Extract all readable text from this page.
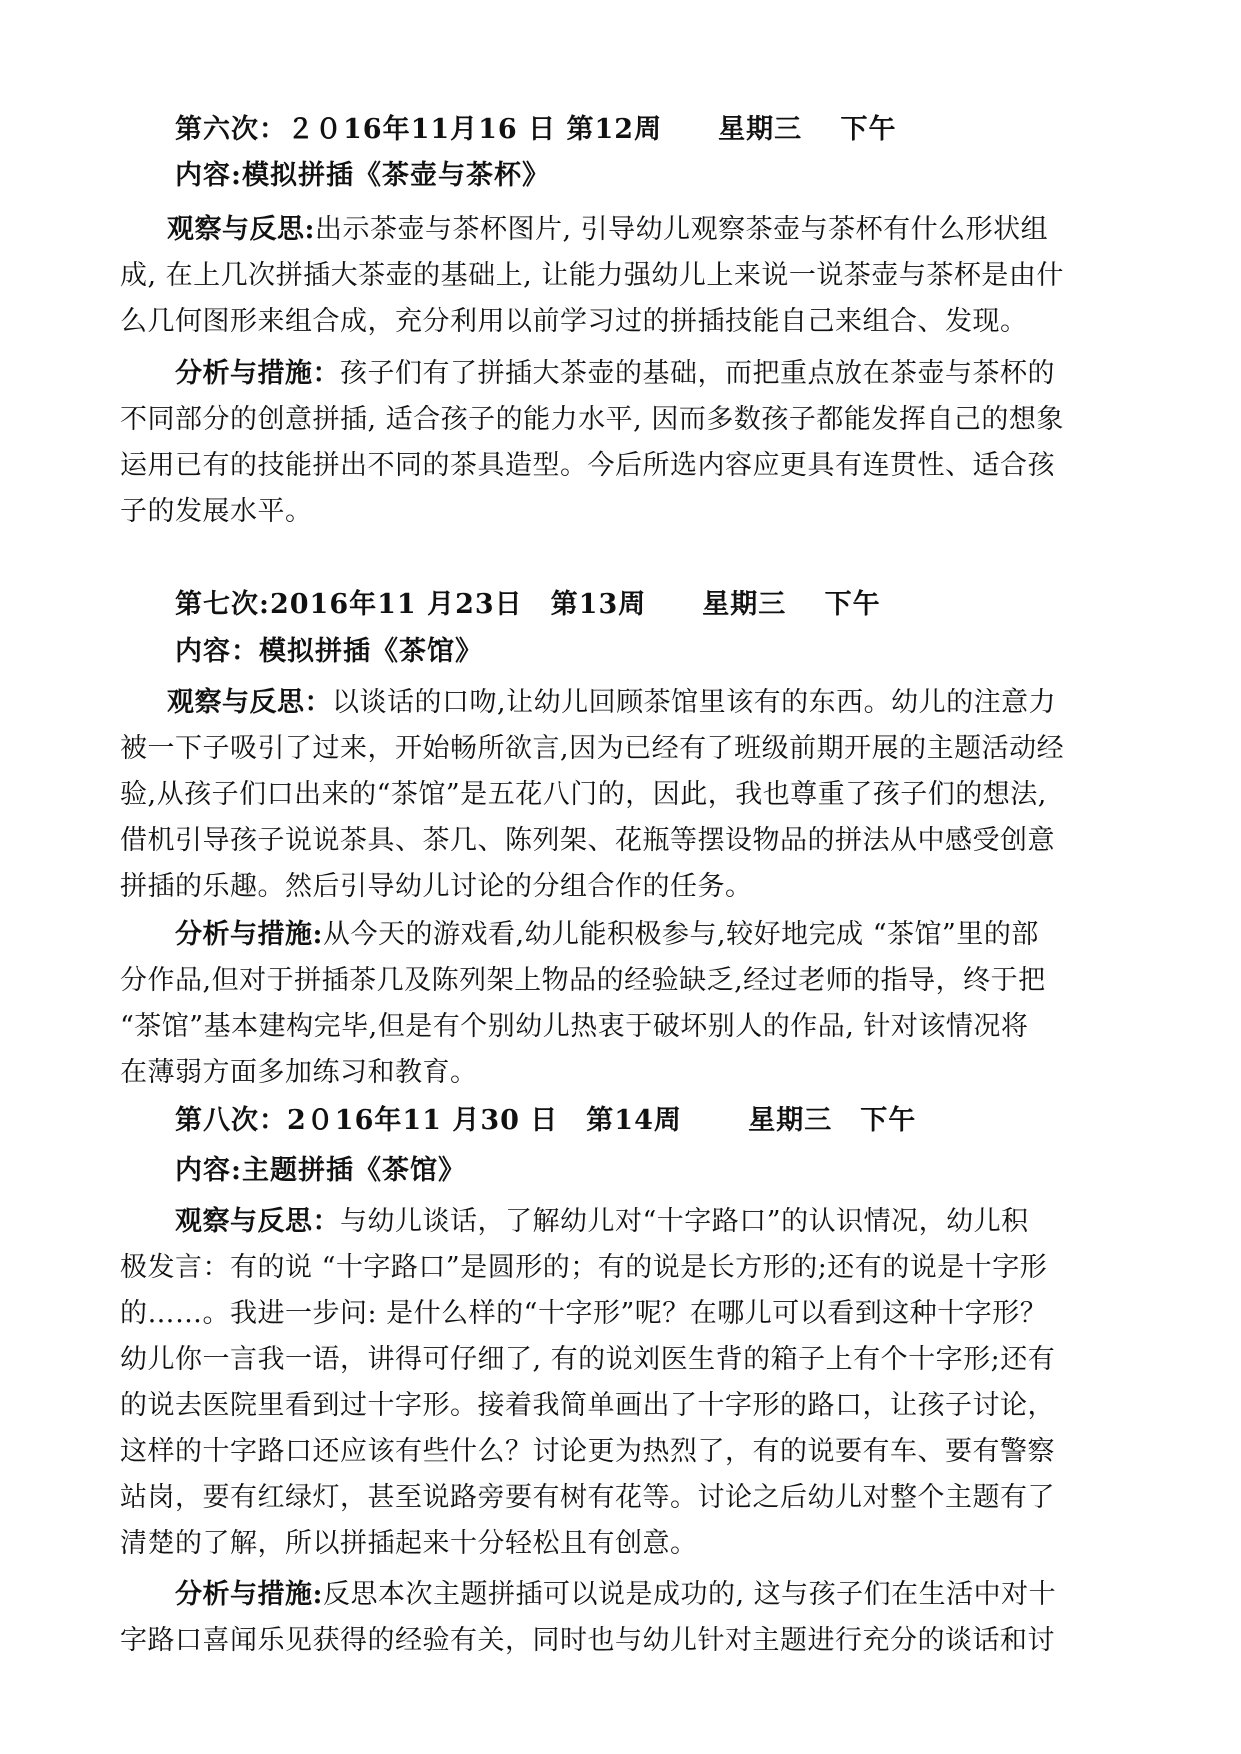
第六次：２０16年11月16 日 第12周　　星期三　 下午
内容:模拟拼插《茶壶与茶杯》
观察与反思:出示茶壶与茶杯图片, 引导幼儿观察茶壶与茶杯有什么形状组
成, 在上几次拼插大茶壶的基础上, 让能力强幼儿上来说一说茶壶与茶杯是由什
么几何图形来组合成，充分利用以前学习过的拼插技能自己来组合、发现。
分析与措施：孩子们有了拼插大茶壶的基础，而把重点放在茶壶与茶杯的
不同部分的创意拼插, 适合孩子的能力水平, 因而多数孩子都能发挥自己的想象
运用已有的技能拼出不同的茶具造型。今后所选内容应更具有连贯性、适合孩
子的发展水平。
第七次:2016年11 月23日　第13周　　星期三　 下午
内容：模拟拼插《茶馆》
观察与反思：以谈话的口吻,让幼儿回顾茶馆里该有的东西。幼儿的注意力
被一下子吸引了过来，开始畅所欲言,因为已经有了班级前期开展的主题活动经
验,从孩子们口出来的“茶馆”是五花八门的，因此，我也尊重了孩子们的想法,
借机引导孩子说说茶具、茶几、陈列架、花瓶等摆设物品的拼法从中感受创意
拼插的乐趣。然后引导幼儿讨论的分组合作的任务。
分析与措施:从今天的游戏看,幼儿能积极参与,较好地完成 “茶馆”里的部
分作品,但对于拼插茶几及陈列架上物品的经验缺乏,经过老师的指导，终于把
“茶馆”基本建构完毕,但是有个别幼儿热衷于破坏别人的作品, 针对该情况将
在薄弱方面多加练习和教育。
第八次：2０16年11 月30 日　第14周　　 星期三　下午
内容:主题拼插《茶馆》
观察与反思：与幼儿谈话，了解幼儿对“十字路口”的认识情况，幼儿积
极发言：有的说 “十字路口”是圆形的；有的说是长方形的;还有的说是十字形
的……。我进一步问: 是什么样的“十字形”呢？在哪儿可以看到这种十字形？
幼儿你一言我一语，讲得可仔细了, 有的说刘医生背的箱子上有个十字形;还有
的说去医院里看到过十字形。接着我简单画出了十字形的路口，让孩子讨论，
这样的十字路口还应该有些什么？讨论更为热烈了，有的说要有车、要有警察
站岗，要有红绿灯，甚至说路旁要有树有花等。讨论之后幼儿对整个主题有了
清楚的了解，所以拼插起来十分轻松且有创意。
分析与措施:反思本次主题拼插可以说是成功的, 这与孩子们在生活中对十
字路口喜闻乐见获得的经验有关，同时也与幼儿针对主题进行充分的谈话和讨
